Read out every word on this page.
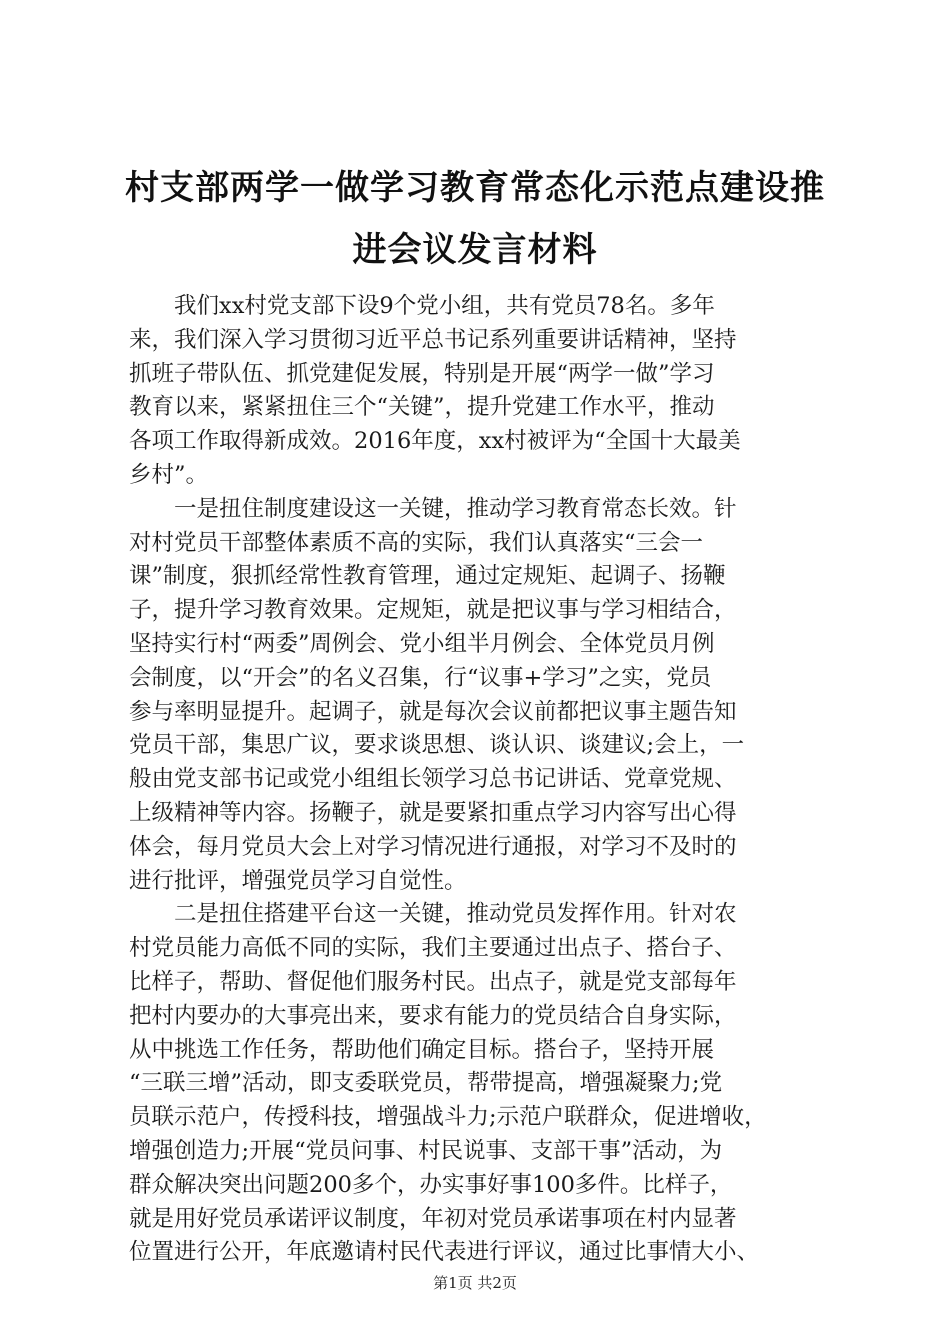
村支部两学一做学习教育常态化示范点建设推
进会议发言材料
我们xx村党支部下设9个党小组，共有党员78名。多年
来，我们深入学习贯彻习近平总书记系列重要讲话精神，坚持
抓班子带队伍、抓党建促发展，特别是开展“两学一做”学习
教育以来，紧紧扭住三个“关键”，提升党建工作水平，推动
各项工作取得新成效。2016年度，xx村被评为“全国十大最美
乡村”。
一是扭住制度建设这一关键，推动学习教育常态长效。针
对村党员干部整体素质不高的实际，我们认真落实“三会一
课”制度，狠抓经常性教育管理，通过定规矩、起调子、扬鞭
子，提升学习教育效果。定规矩，就是把议事与学习相结合，
坚持实行村“两委”周例会、党小组半月例会、全体党员月例
会制度，以“开会”的名义召集，行“议事+学习”之实，党员
参与率明显提升。起调子，就是每次会议前都把议事主题告知
党员干部，集思广议，要求谈思想、谈认识、谈建议;会上，一
般由党支部书记或党小组组长领学习总书记讲话、党章党规、
上级精神等内容。扬鞭子，就是要紧扣重点学习内容写出心得
体会，每月党员大会上对学习情况进行通报，对学习不及时的
进行批评，增强党员学习自觉性。
二是扭住搭建平台这一关键，推动党员发挥作用。针对农
村党员能力高低不同的实际，我们主要通过出点子、搭台子、
比样子，帮助、督促他们服务村民。出点子，就是党支部每年
把村内要办的大事亮出来，要求有能力的党员结合自身实际，
从中挑选工作任务，帮助他们确定目标。搭台子，坚持开展
“三联三增”活动，即支委联党员，帮带提高，增强凝聚力;党
员联示范户，传授科技，增强战斗力;示范户联群众，促进增收，
增强创造力;开展“党员问事、村民说事、支部干事”活动，为
群众解决突出问题200多个，办实事好事100多件。比样子，
就是用好党员承诺评议制度，年初对党员承诺事项在村内显著
位置进行公开，年底邀请村民代表进行评议，通过比事情大小、
第1页 共2页
